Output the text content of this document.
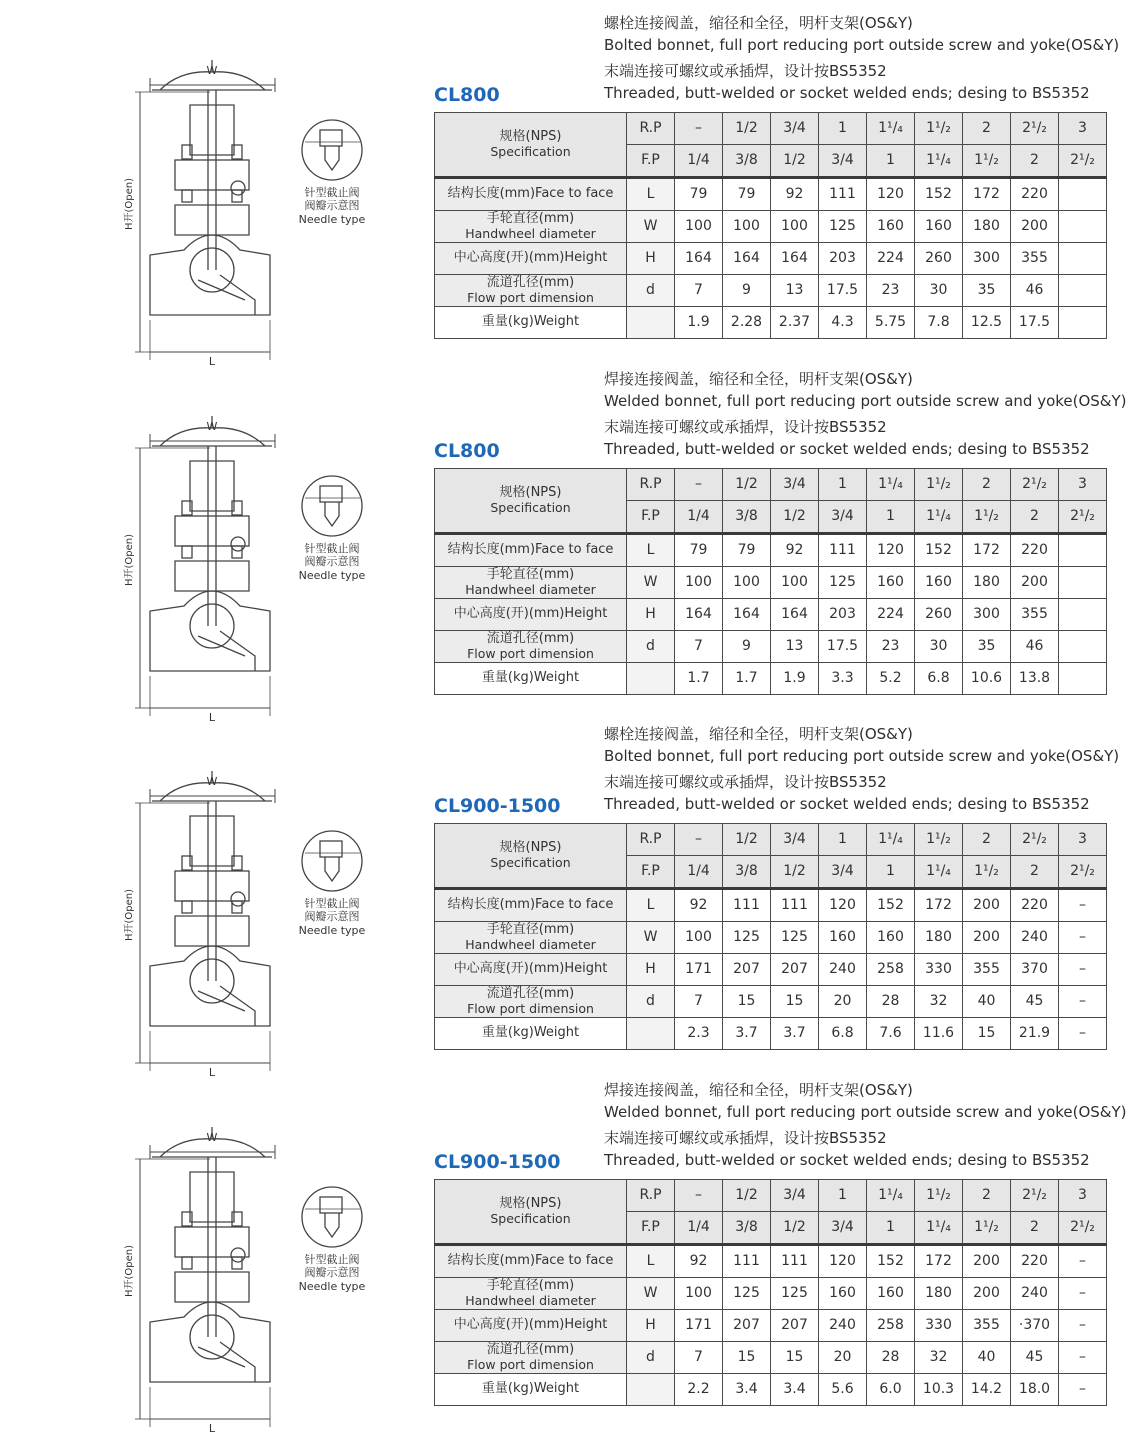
W
L
H开(Open)	针型截止阀
阀瓣示意图
Needle type
螺栓连接阀盖，缩径和全径，明杆支架(OS&Y)
Bolted bonnet, full port reducing port outside screw and yoke(OS&Y)
末端连接可螺纹或承插焊，设计按BS5352
Threaded, butt-welded or socket welded ends; desing to BS5352
CL800
规格(NPS)
Specification	R.P	–	1/2	3/4	1	1¹/₄	1¹/₂	2	2¹/₂	3
	F.P	1/4	3/8	1/2	3/4	1	1¹/₄	1¹/₂	2	2¹/₂

结构长度(mm)Face to face	L	79	79	92	111	120	152	172	220	

手轮直径(mm)
Handwheel diameter	W	100	100	100	125	160	160	180	200	

中心高度(开)(mm)Height	H	164	164	164	203	224	260	300	355	

流道孔径(mm)
Flow port dimension	d	7	9	13	17.5	23	30	35	46	

重量(kg)Weight		1.9	2.28	2.37	4.3	5.75	7.8	12.5	17.5	
W
L
H开(Open)	针型截止阀
阀瓣示意图
Needle type
焊接连接阀盖，缩径和全径，明杆支架(OS&Y)
Welded bonnet, full port reducing port outside screw and yoke(OS&Y)
末端连接可螺纹或承插焊，设计按BS5352
Threaded, butt-welded or socket welded ends; desing to BS5352
CL800
规格(NPS)
Specification	R.P	–	1/2	3/4	1	1¹/₄	1¹/₂	2	2¹/₂	3
	F.P	1/4	3/8	1/2	3/4	1	1¹/₄	1¹/₂	2	2¹/₂

结构长度(mm)Face to face	L	79	79	92	111	120	152	172	220	

手轮直径(mm)
Handwheel diameter	W	100	100	100	125	160	160	180	200	

中心高度(开)(mm)Height	H	164	164	164	203	224	260	300	355	

流道孔径(mm)
Flow port dimension	d	7	9	13	17.5	23	30	35	46	

重量(kg)Weight		1.7	1.7	1.9	3.3	5.2	6.8	10.6	13.8	
W
L
H开(Open)	针型截止阀
阀瓣示意图
Needle type
螺栓连接阀盖，缩径和全径，明杆支架(OS&Y)
Bolted bonnet, full port reducing port outside screw and yoke(OS&Y)
末端连接可螺纹或承插焊，设计按BS5352
Threaded, butt-welded or socket welded ends; desing to BS5352
CL900-1500
规格(NPS)
Specification	R.P	–	1/2	3/4	1	1¹/₄	1¹/₂	2	2¹/₂	3
	F.P	1/4	3/8	1/2	3/4	1	1¹/₄	1¹/₂	2	2¹/₂

结构长度(mm)Face to face	L	92	111	111	120	152	172	200	220	–

手轮直径(mm)
Handwheel diameter	W	100	125	125	160	160	180	200	240	–

中心高度(开)(mm)Height	H	171	207	207	240	258	330	355	370	–

流道孔径(mm)
Flow port dimension	d	7	15	15	20	28	32	40	45	–

重量(kg)Weight		2.3	3.7	3.7	6.8	7.6	11.6	15	21.9	–
W
L
H开(Open)	针型截止阀
阀瓣示意图
Needle type
焊接连接阀盖，缩径和全径，明杆支架(OS&Y)
Welded bonnet, full port reducing port outside screw and yoke(OS&Y)
末端连接可螺纹或承插焊，设计按BS5352
Threaded, butt-welded or socket welded ends; desing to BS5352
CL900-1500
规格(NPS)
Specification	R.P	–	1/2	3/4	1	1¹/₄	1¹/₂	2	2¹/₂	3
	F.P	1/4	3/8	1/2	3/4	1	1¹/₄	1¹/₂	2	2¹/₂

结构长度(mm)Face to face	L	92	111	111	120	152	172	200	220	–

手轮直径(mm)
Handwheel diameter	W	100	125	125	160	160	180	200	240	–

中心高度(开)(mm)Height	H	171	207	207	240	258	330	355	·370	–

流道孔径(mm)
Flow port dimension	d	7	15	15	20	28	32	40	45	–

重量(kg)Weight		2.2	3.4	3.4	5.6	6.0	10.3	14.2	18.0	–
